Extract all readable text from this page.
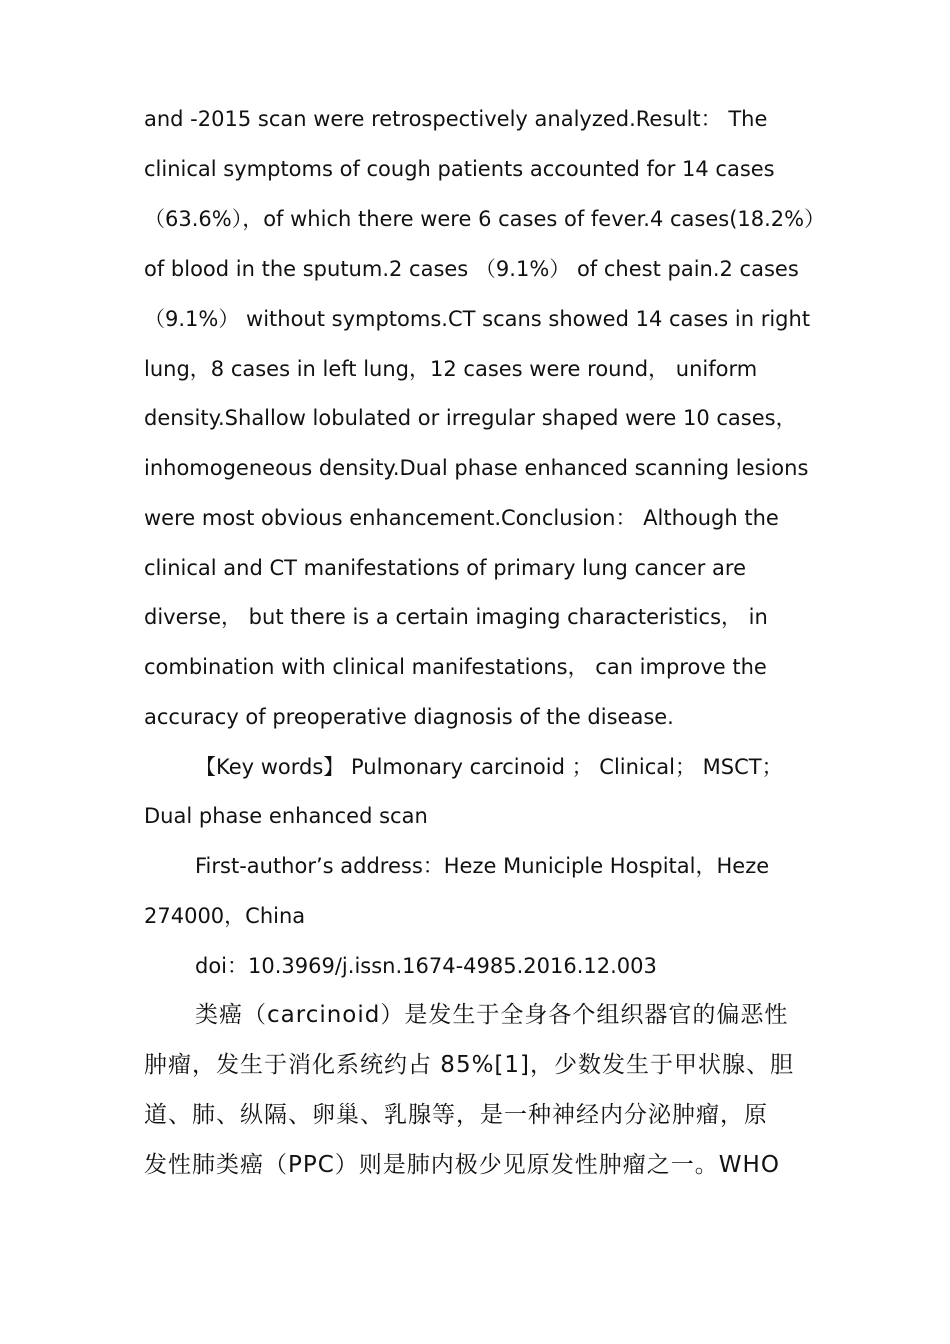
and -2015 scan were retrospectively analyzed.Result： The
clinical symptoms of cough patients accounted for 14 cases
（63.6%），of which there were 6 cases of fever.4 cases(18.2%）
of blood in the sputum.2 cases （9.1%） of chest pain.2 cases
（9.1%） without symptoms.CT scans showed 14 cases in right
lung，8 cases in left lung，12 cases were round， uniform
density.Shallow lobulated or irregular shaped were 10 cases，
inhomogeneous density.Dual phase enhanced scanning lesions
were most obvious enhancement.Conclusion： Although the
clinical and CT manifestations of primary lung cancer are
diverse， but there is a certain imaging characteristics， in
combination with clinical manifestations， can improve the
accuracy of preoperative diagnosis of the disease.
【Key words】 Pulmonary carcinoid ； Clinical； MSCT；
Dual phase enhanced scan
First-author’s address：Heze Municiple Hospital，Heze
274000，China
doi：10.3969/j.issn.1674-4985.2016.12.003
类癌（carcinoid）是发生于全身各个组织器官的偏恶性
肿瘤，发生于消化系统约占 85%[1]，少数发生于甲状腺、胆
道、肺、纵隔、卵巢、乳腺等，是一种神经内分泌肿瘤，原
发性肺类癌（PPC）则是肺内极少见原发性肿瘤之一。WHO
